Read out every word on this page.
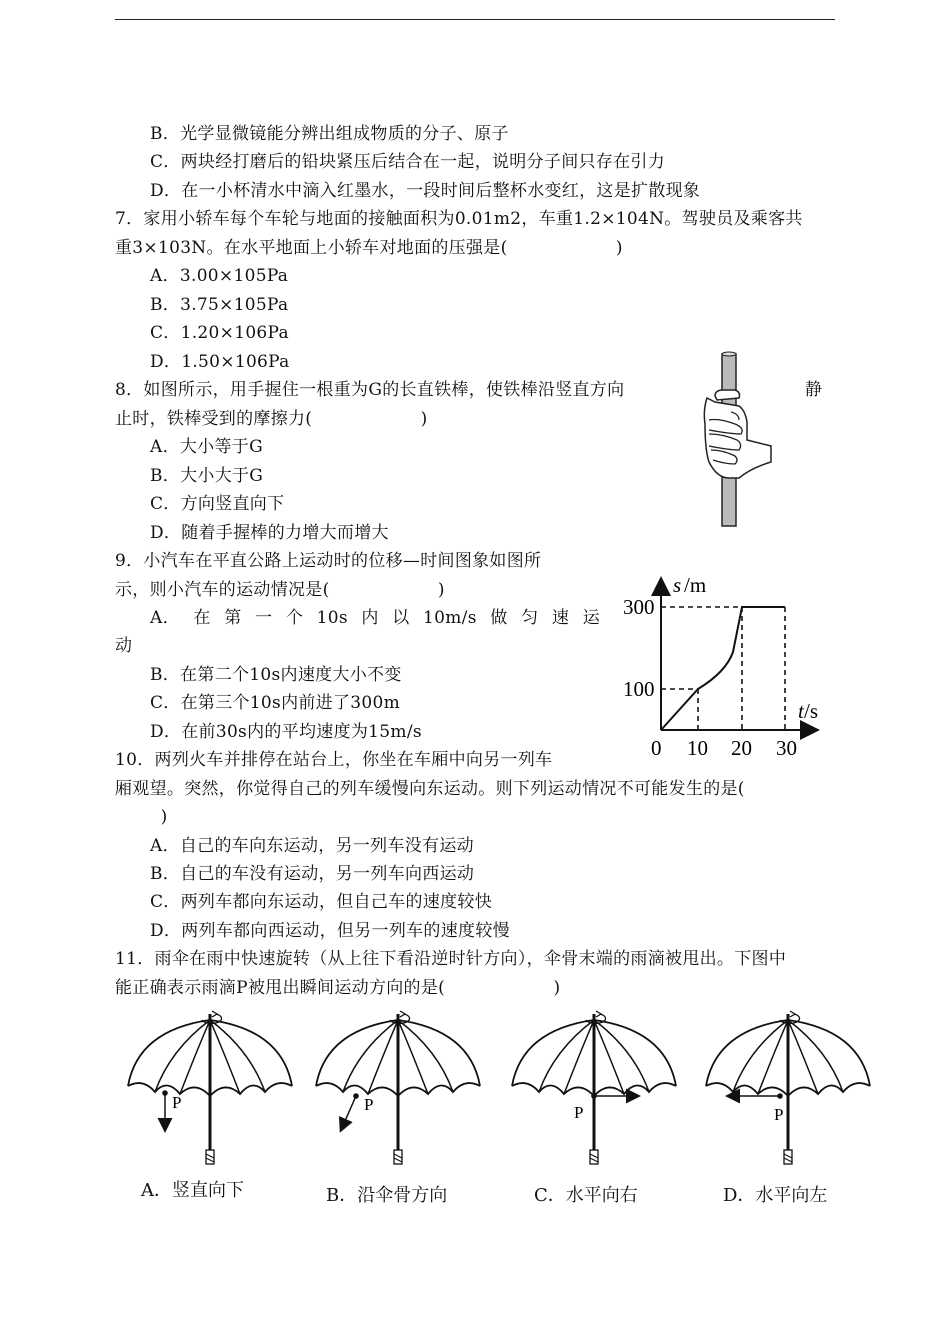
B．光学显微镜能分辨出组成物质的分子、原子
C．两块经打磨后的铅块紧压后结合在一起，说明分子间只存在引力
D．在一小杯清水中滴入红墨水，一段时间后整杯水变红，这是扩散现象
7．家用小轿车每个车轮与地面的接触面积为0.01m2，车重1.2×104N。驾驶员及乘客共
重3×103N。在水平地面上小轿车对地面的压强是(                   )
A．3.00×105Pa
B．3.75×105Pa
C．1.20×106Pa
D．1.50×106Pa
8．如图所示，用手握住一根重为G的长直铁棒，使铁棒沿竖直方向	静
止时，铁棒受到的摩擦力(                   )
A．大小等于G
B．大小大于G
C．方向竖直向下
D．随着手握棒的力增大而增大
9．小汽车在平直公路上运动时的位移—时间图象如图所
示，则小汽车的运动情况是(                   )
A． 在 第 一 个 10s 内 以 10m/s 做 匀 速 运
动
B．在第二个10s内速度大小不变
C．在第三个10s内前进了300m
D．在前30s内的平均速度为15m/s
s /m
t /s
300
100
0 10 20 30
10．两列火车并排停在站台上，你坐在车厢中向另一列车
厢观望。突然，你觉得自己的列车缓慢向东运动。则下列运动情况不可能发生的是(
)
A．自己的车向东运动，另一列车没有运动
B．自己的车没有运动，另一列车向西运动
C．两列车都向东运动，但自己车的速度较快
D．两列车都向西运动，但另一列车的速度较慢
11．雨伞在雨中快速旋转（从上往下看沿逆时针方向），伞骨末端的雨滴被甩出。下图中
能正确表示雨滴P被甩出瞬间运动方向的是(                   )
P	P	P	P
A．竖直向下	B．沿伞骨方向	C．水平向右	D．水平向左
